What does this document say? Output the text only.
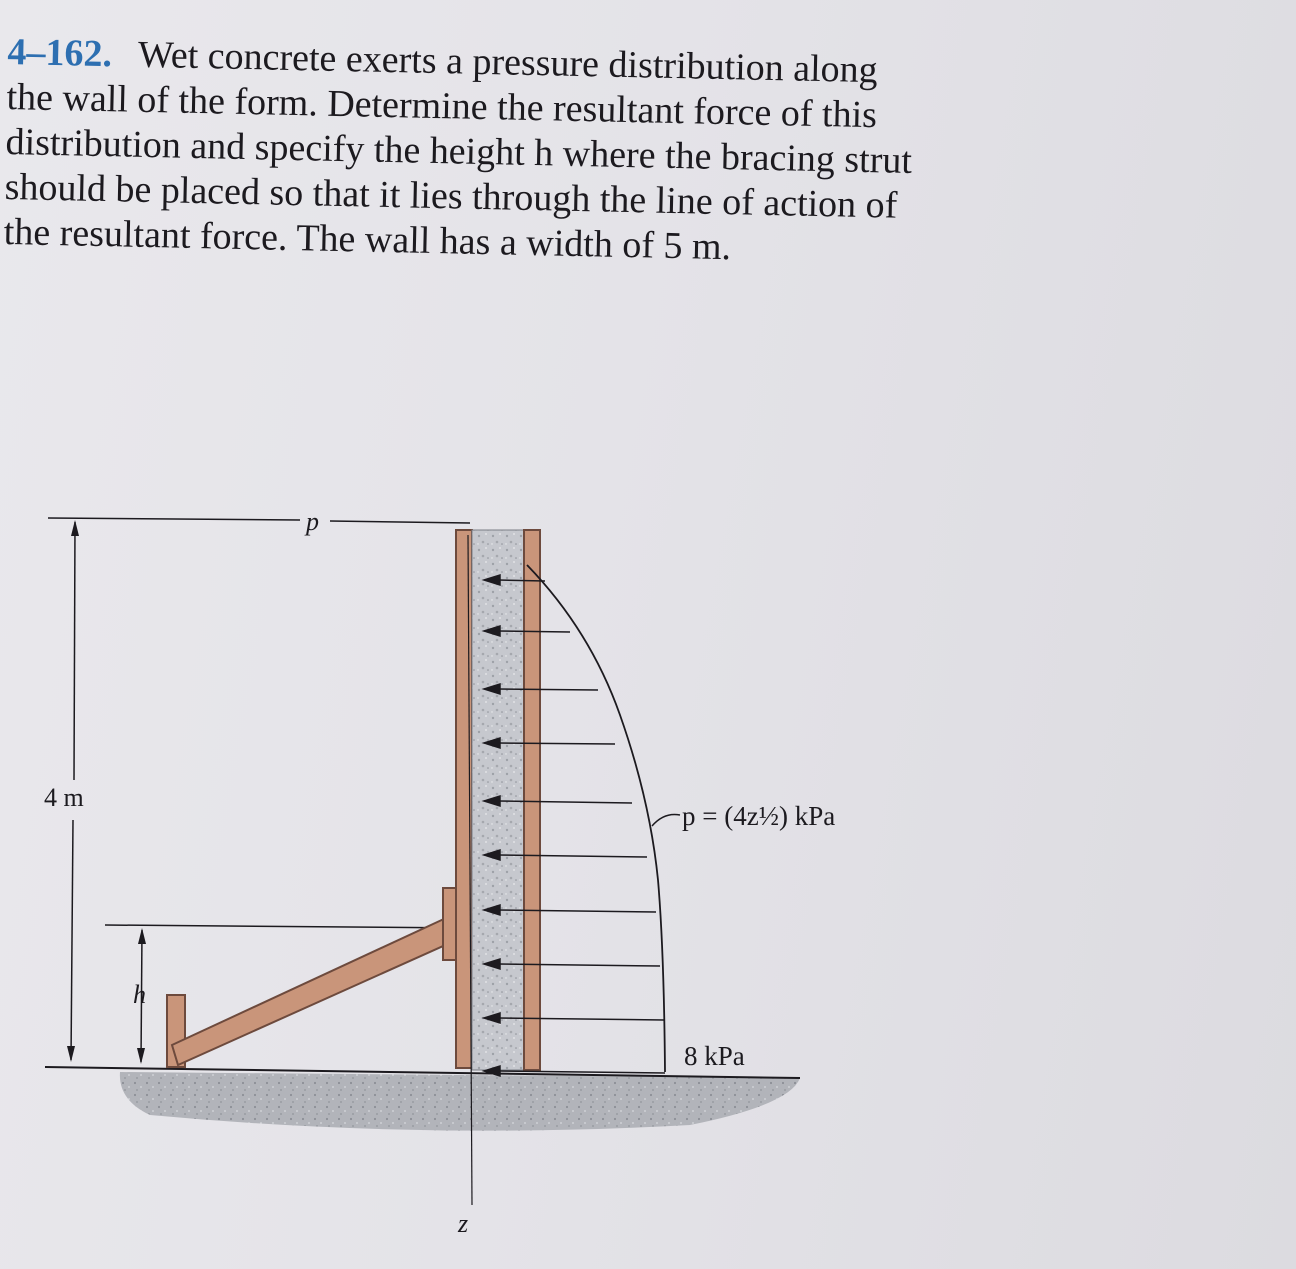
4–162. Wet concrete exerts a pressure distribution along
the wall of the form. Determine the resultant force of this
distribution and specify the height h where the bracing strut
should be placed so that it lies through the line of action of
the resultant force. The wall has a width of 5 m.
p
4 m
h
p = (4z½) kPa
8 kPa
z
